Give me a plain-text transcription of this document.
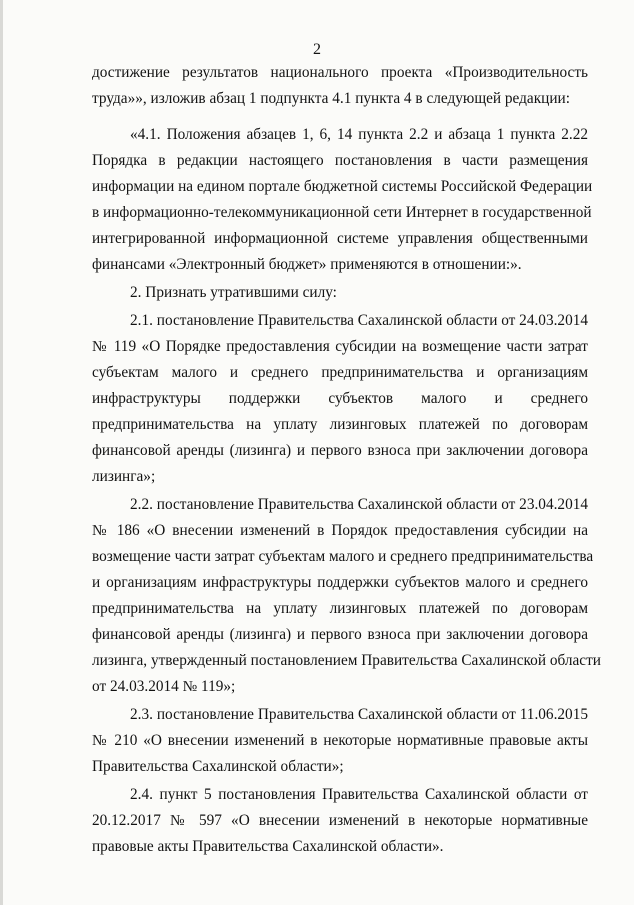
2
достижение результатов национального проекта «Производительность
труда»», изложив абзац 1 подпункта 4.1 пункта 4 в следующей редакции:
«4.1. Положения абзацев 1, 6, 14 пункта 2.2 и абзаца 1 пункта 2.22
Порядка в редакции настоящего постановления в части размещения
информации на едином портале бюджетной системы Российской Федерации
в информационно-телекоммуникационной сети Интернет в государственной
интегрированной информационной системе управления общественными
финансами «Электронный бюджет» применяются в отношении:».
2. Признать утратившими силу:
2.1. постановление Правительства Сахалинской области от 24.03.2014
№ 119 «О Порядке предоставления субсидии на возмещение части затрат
субъектам малого и среднего предпринимательства и организациям
инфраструктуры поддержки субъектов малого и среднего
предпринимательства на уплату лизинговых платежей по договорам
финансовой аренды (лизинга) и первого взноса при заключении договора
лизинга»;
2.2. постановление Правительства Сахалинской области от 23.04.2014
№ 186 «О внесении изменений в Порядок предоставления субсидии на
возмещение части затрат субъектам малого и среднего предпринимательства
и организациям инфраструктуры поддержки субъектов малого и среднего
предпринимательства на уплату лизинговых платежей по договорам
финансовой аренды (лизинга) и первого взноса при заключении договора
лизинга, утвержденный постановлением Правительства Сахалинской области
от 24.03.2014 № 119»;
2.3. постановление Правительства Сахалинской области от 11.06.2015
№ 210 «О внесении изменений в некоторые нормативные правовые акты
Правительства Сахалинской области»;
2.4. пункт 5 постановления Правительства Сахалинской области от
20.12.2017 № 597 «О внесении изменений в некоторые нормативные
правовые акты Правительства Сахалинской области».
